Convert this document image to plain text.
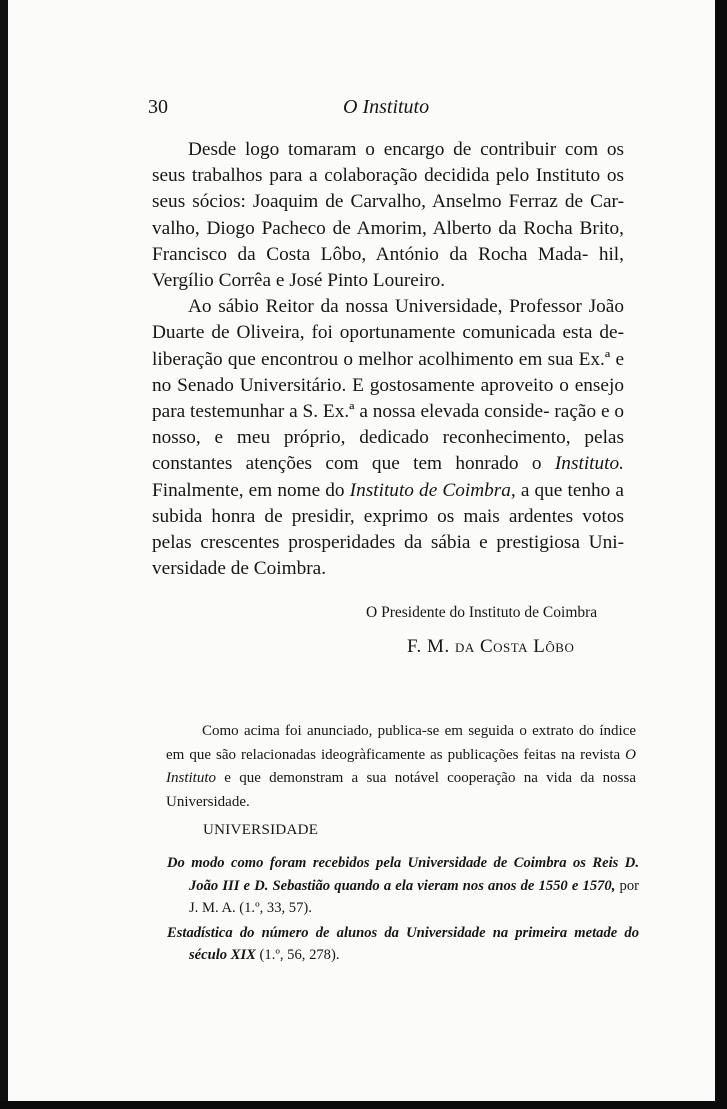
30	O Instituto

Desde logo tomaram o encargo de contribuir com os seus trabalhos para a colaboração decidida pelo Instituto os seus sócios: Joaquim de Carvalho, Anselmo Ferraz de Car- valho, Diogo Pacheco de Amorim, Alberto da Rocha Brito, Francisco da Costa Lôbo, António da Rocha Mada- hil, Vergílio Corrêa e José Pinto Loureiro.

Ao sábio Reitor da nossa Universidade, Professor João Duarte de Oliveira, foi oportunamente comunicada esta de- liberação que encontrou o melhor acolhimento em sua Ex.ª e no Senado Universitário. E gostosamente aproveito o ensejo para testemunhar a S. Ex.ª a nossa elevada conside- ração e o nosso, e meu próprio, dedicado reconhecimento, pelas constantes atenções com que tem honrado o Instituto. Finalmente, em nome do Instituto de Coimbra, a que tenho a subida honra de presidir, exprimo os mais ardentes votos pelas crescentes prosperidades da sábia e prestigiosa Uni- versidade de Coimbra.

O Presidente do Instituto de Coimbra
F. M. da Costa Lôbo

Como acima foi anunciado, publica-se em seguida o extrato do índice em que são relacionadas ideogràficamente as publicações feitas na revista O Instituto e que demonstram a sua notável cooperação na vida da nossa Universidade.

UNIVERSIDADE

Do modo como foram recebidos pela Universidade de Coimbra os Reis D. João III e D. Sebastião quando a ela vieram nos anos de 1550 e 1570, por J. M. A. (1.º, 33, 57).

Estadística do número de alunos da Universidade na primeira metade do século XIX (1.º, 56, 278).
